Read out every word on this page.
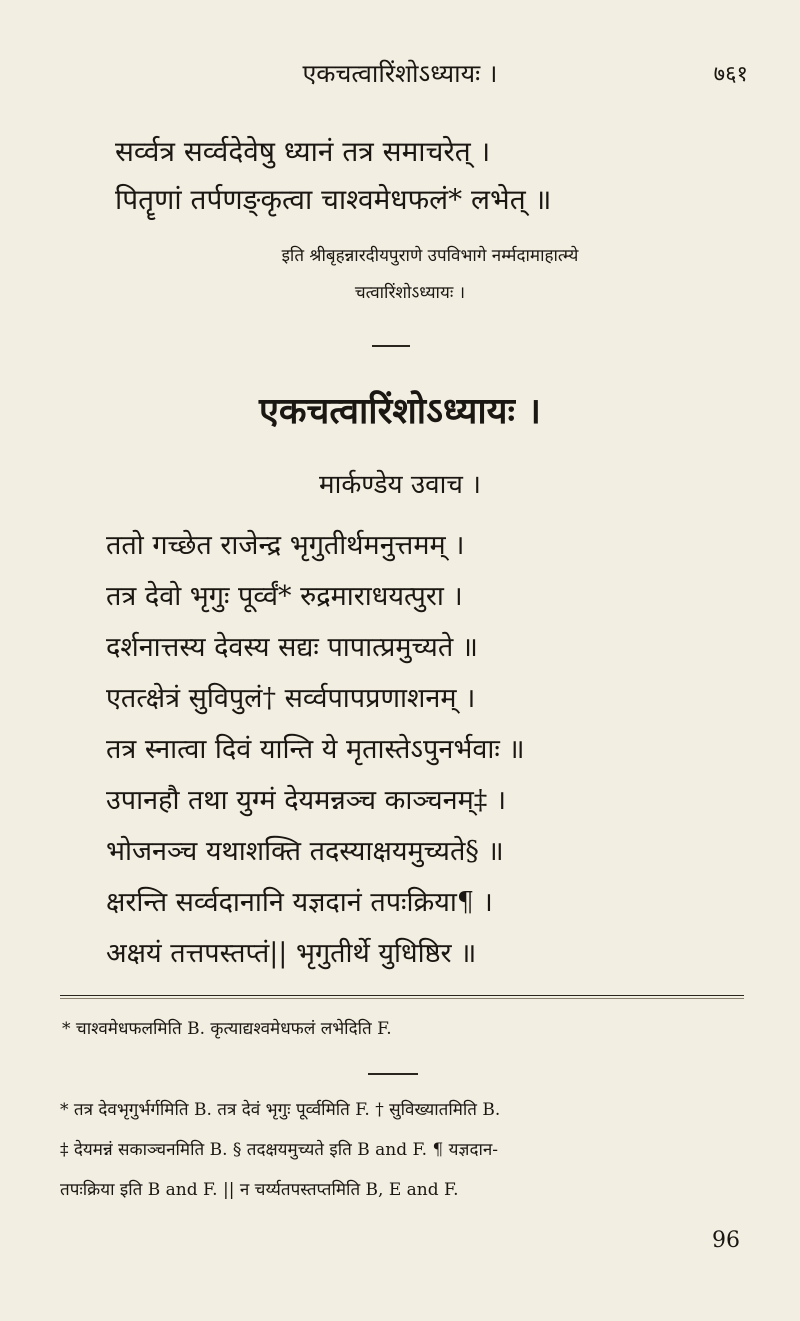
एकचत्वारिंशोऽध्यायः ।	७६१
सर्व्वत्र सर्व्वदेवेषु ध्यानं तत्र समाचरेत् ।
पितॄणां तर्पणङ्कृत्वा चाश्वमेधफलं* लभेत् ॥
इति श्रीबृहन्नारदीयपुराणे उपविभागे नर्म्मदामाहात्म्ये
चत्वारिंशोऽध्यायः ।
एकचत्वारिंशोऽध्यायः ।
मार्कण्डेय उवाच ।
ततो गच्छेत राजेन्द्र भृगुतीर्थमनुत्तमम् ।
तत्र देवो भृगुः पूर्व्वं* रुद्रमाराधयत्पुरा ।
दर्शनात्तस्य देवस्य सद्यः पापात्प्रमुच्यते ॥
एतत्क्षेत्रं सुविपुलं† सर्व्वपापप्रणाशनम् ।
तत्र स्नात्वा दिवं यान्ति ये मृतास्तेऽपुनर्भवाः ॥
उपानहौ तथा युग्मं देयमन्नञ्च काञ्चनम्‡ ।
भोजनञ्च यथाशक्ति तदस्याक्षयमुच्यते§ ॥
क्षरन्ति सर्व्वदानानि यज्ञदानं तपःक्रिया¶ ।
अक्षयं तत्तपस्तप्तं|| भृगुतीर्थे युधिष्ठिर ॥
* चाश्वमेधफलमिति B. कृत्याद्यश्वमेधफलं लभेदिति F.
* तत्र देवभृगुर्भर्गमिति B. तत्र देवं भृगुः पूर्व्वमिति F. † सुविख्यातमिति B.
‡ देयमन्नं सकाञ्चनमिति B. § तदक्षयमुच्यते इति B and F. ¶ यज्ञदान-
तपःक्रिया इति B and F. || न चर्य्यतपस्तप्तमिति B, E and F.
96
